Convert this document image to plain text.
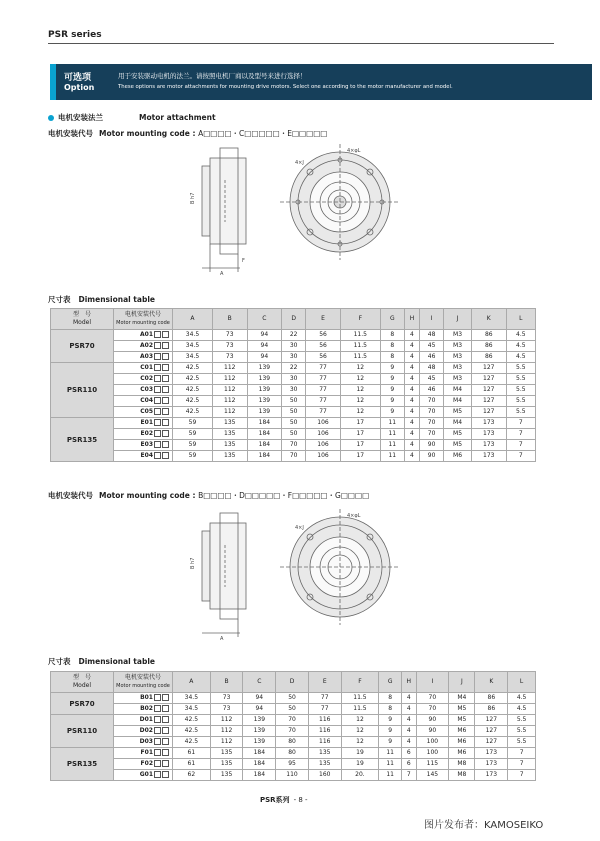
PSR series
可选项
Option
用于安装驱动电机的法兰。请按照电机厂商以及型号来进行选择！
These options are motor attachments for mounting drive motors. Select one according to the motor manufacturer and model.
电机安装法兰	Motor attachment
电机安装代号 Motor mounting code : A□□□□・C□□□□□・E□□□□□
B h7
A
F
4×J
4×φL
尺寸表 Dimensional table
型　号
Model	电机安装代号
Motor mounting code	A	B	C	D	E	F	G	H	I	J	K	L
PSR70	A01	34.5	73	94	22	56	11.5	8	4	48	M3	86	4.5
	A02	34.5	73	94	30	56	11.5	8	4	45	M3	86	4.5
	A03	34.5	73	94	30	56	11.5	8	4	46	M3	86	4.5
PSR110	C01	42.5	112	139	22	77	12	9	4	48	M3	127	5.5
	C02	42.5	112	139	30	77	12	9	4	45	M3	127	5.5
	C03	42.5	112	139	30	77	12	9	4	46	M4	127	5.5
	C04	42.5	112	139	50	77	12	9	4	70	M4	127	5.5
	C05	42.5	112	139	50	77	12	9	4	70	M5	127	5.5
PSR135	E01	59	135	184	50	106	17	11	4	70	M4	173	7
	E02	59	135	184	50	106	17	11	4	70	M5	173	7
	E03	59	135	184	70	106	17	11	4	90	M5	173	7
	E04	59	135	184	70	106	17	11	4	90	M6	173	7
电机安装代号 Motor mounting code : B□□□□・D□□□□□・F□□□□□・G□□□□
B h7
A
4×J
4×φL
尺寸表 Dimensional table
型　号
Model	电机安装代号
Motor mounting code	A	B	C	D	E	F	G	H	I	J	K	L
PSR70	B01	34.5	73	94	50	77	11.5	8	4	70	M4	86	4.5
	B02	34.5	73	94	50	77	11.5	8	4	70	M5	86	4.5
PSR110	D01	42.5	112	139	70	116	12	9	4	90	M5	127	5.5
	D02	42.5	112	139	70	116	12	9	4	90	M6	127	5.5
	D03	42.5	112	139	80	116	12	9	4	100	M6	127	5.5
PSR135	F01	61	135	184	80	135	19	11	6	100	M6	173	7
	F02	61	135	184	95	135	19	11	6	115	M8	173	7
	G01	62	135	184	110	160	20.	11	7	145	M8	173	7
PSR系列 - 8 -
图片发布者：KAMOSEIKO
